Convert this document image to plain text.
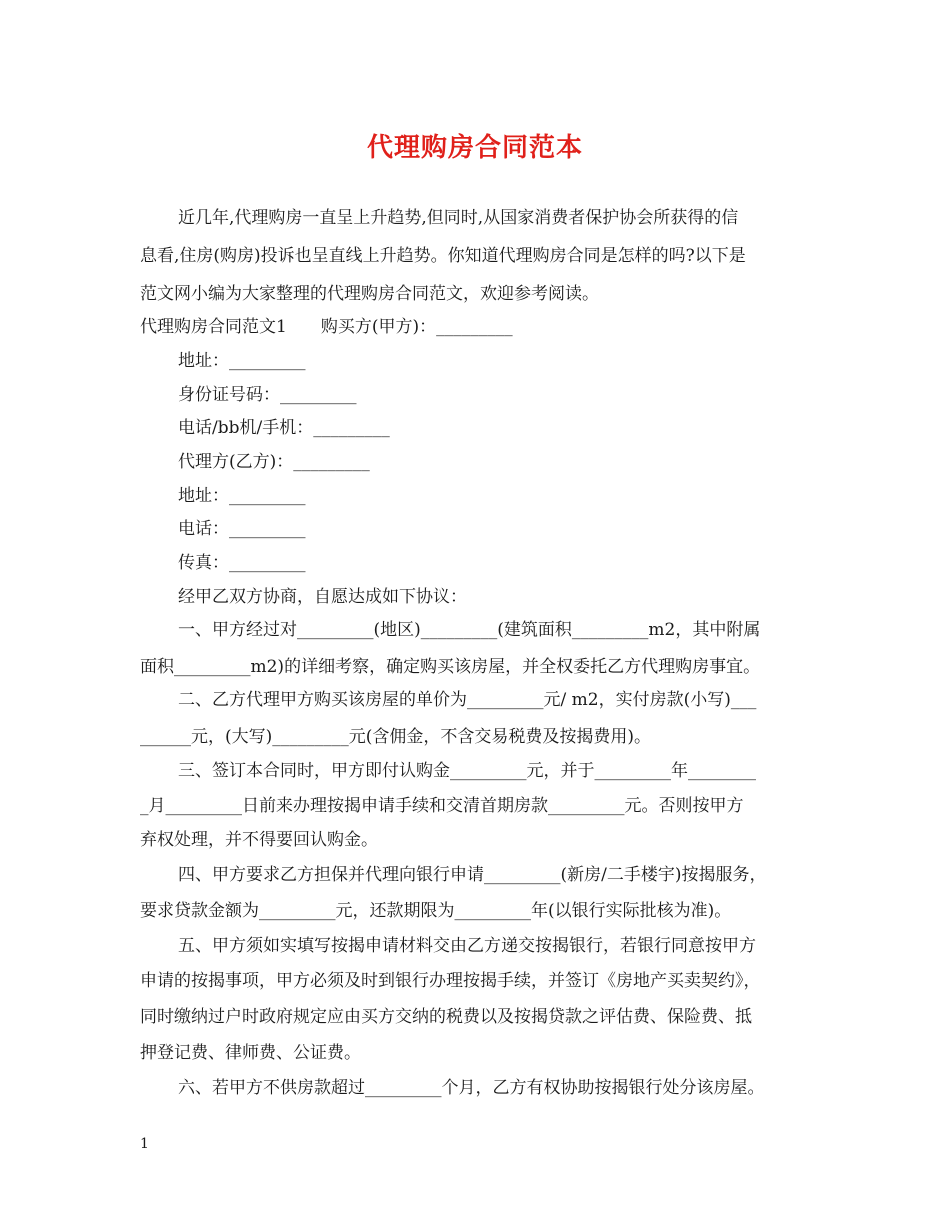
代理购房合同范本
近几年,代理购房一直呈上升趋势,但同时,从国家消费者保护协会所获得的信
息看,住房(购房)投诉也呈直线上升趋势。你知道代理购房合同是怎样的吗?以下是
范文网小编为大家整理的代理购房合同范文，欢迎参考阅读。
代理购房合同范文1　　购买方(甲方)：_________
地址：_________
身份证号码：_________
电话/bb机/手机：_________
代理方(乙方)：_________
地址：_________
电话：_________
传真：_________
经甲乙双方协商，自愿达成如下协议：
一、甲方经过对_________(地区)_________(建筑面积_________m2，其中附属
面积_________m2)的详细考察，确定购买该房屋，并全权委托乙方代理购房事宜。
二、乙方代理甲方购买该房屋的单价为_________元/ m2，实付房款(小写)___
______元，(大写)_________元(含佣金，不含交易税费及按揭费用)。
三、签订本合同时，甲方即付认购金_________元，并于_________年________
_月_________日前来办理按揭申请手续和交清首期房款_________元。否则按甲方
弃权处理，并不得要回认购金。
四、甲方要求乙方担保并代理向银行申请_________(新房/二手楼宇)按揭服务，
要求贷款金额为_________元，还款期限为_________年(以银行实际批核为准)。
五、甲方须如实填写按揭申请材料交由乙方递交按揭银行，若银行同意按甲方
申请的按揭事项，甲方必须及时到银行办理按揭手续，并签订《房地产买卖契约》，
同时缴纳过户时政府规定应由买方交纳的税费以及按揭贷款之评估费、保险费、抵
押登记费、律师费、公证费。
六、若甲方不供房款超过_________个月，乙方有权协助按揭银行处分该房屋。
1
